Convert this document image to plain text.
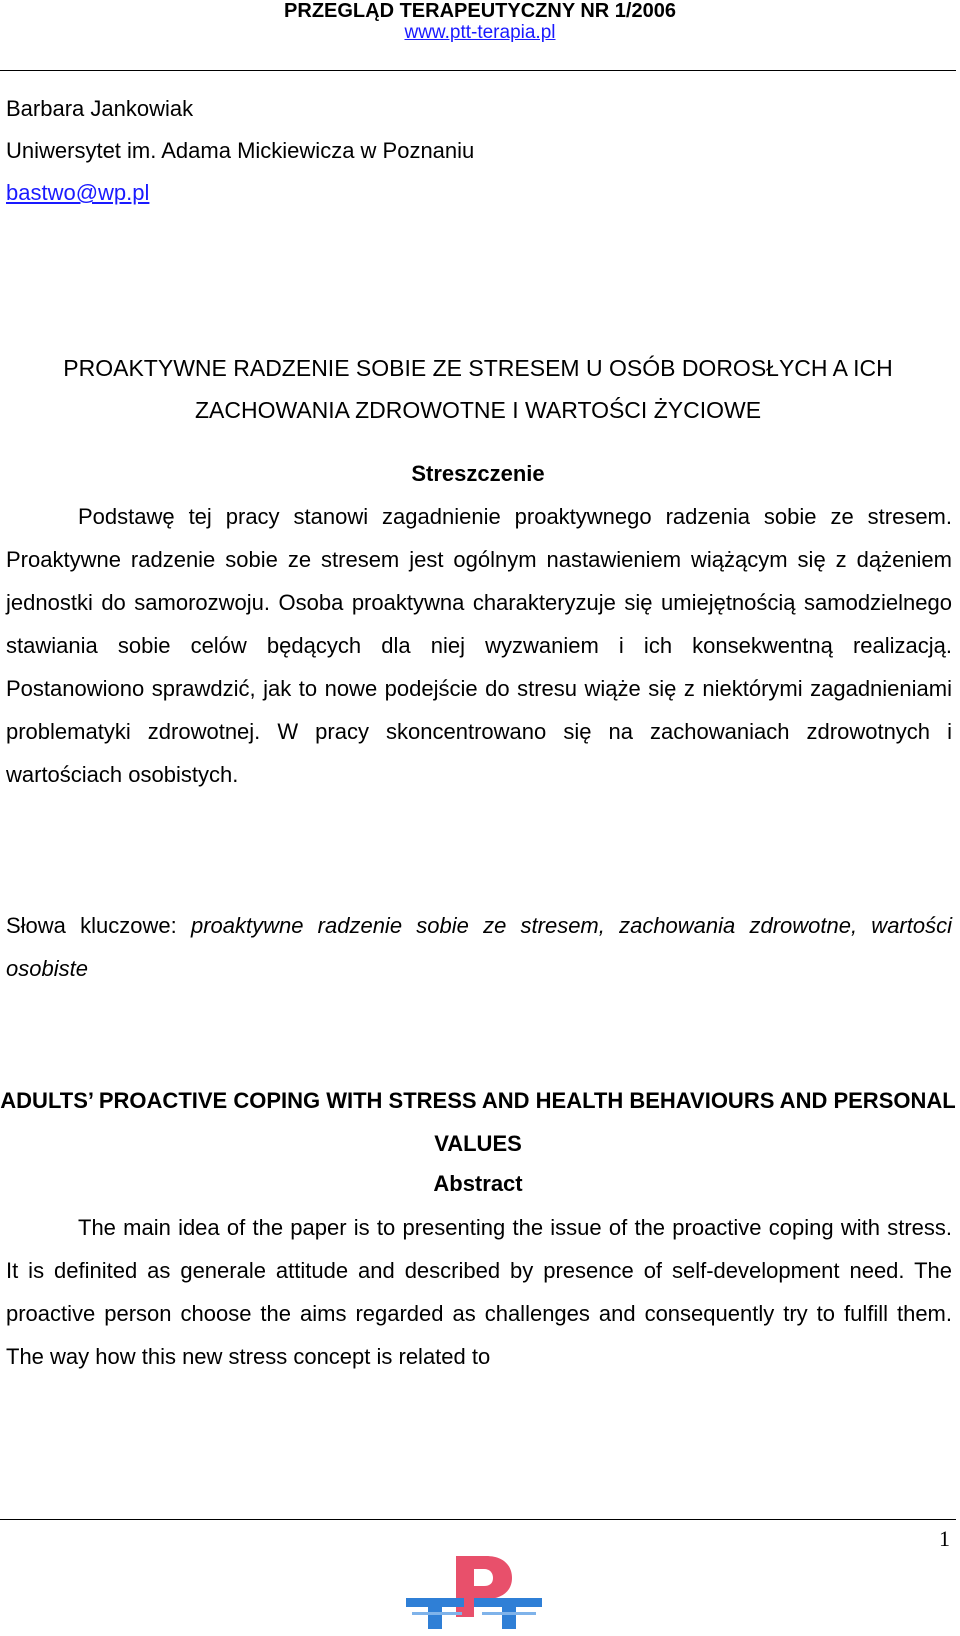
PRZEGLĄD TERAPEUTYCZNY NR 1/2006
www.ptt-terapia.pl
Barbara Jankowiak
Uniwersytet im. Adama Mickiewicza w Poznaniu
bastwo@wp.pl
PROAKTYWNE RADZENIE SOBIE ZE STRESEM U OSÓB DOROSŁYCH A ICH ZACHOWANIA ZDROWOTNE I WARTOŚCI ŻYCIOWE
Streszczenie

Podstawę tej pracy stanowi zagadnienie proaktywnego radzenia sobie ze stresem. Proaktywne radzenie sobie ze stresem jest ogólnym nastawieniem wiążącym się z dążeniem jednostki do samorozwoju. Osoba proaktywna charakteryzuje się umiejętnością samodzielnego stawiania sobie celów będących dla niej wyzwaniem i ich konsekwentną realizacją. Postanowiono sprawdzić, jak to nowe podejście do stresu wiąże się z niektórymi zagadnieniami problematyki zdrowotnej. W pracy skoncentrowano się na zachowaniach zdrowotnych i wartościach osobistych.

Słowa kluczowe: proaktywne radzenie sobie ze stresem, zachowania zdrowotne, wartości osobiste
ADULTS’ PROACTIVE COPING WITH STRESS AND HEALTH BEHAVIOURS AND PERSONAL VALUES
Abstract

The main idea of the paper is to presenting the issue of the proactive coping with stress. It is definited as generale attitude and described by presence of self-development need. The proactive person choose the aims regarded as challenges and consequently try to fulfill them. The way how this new stress concept is related to

1
